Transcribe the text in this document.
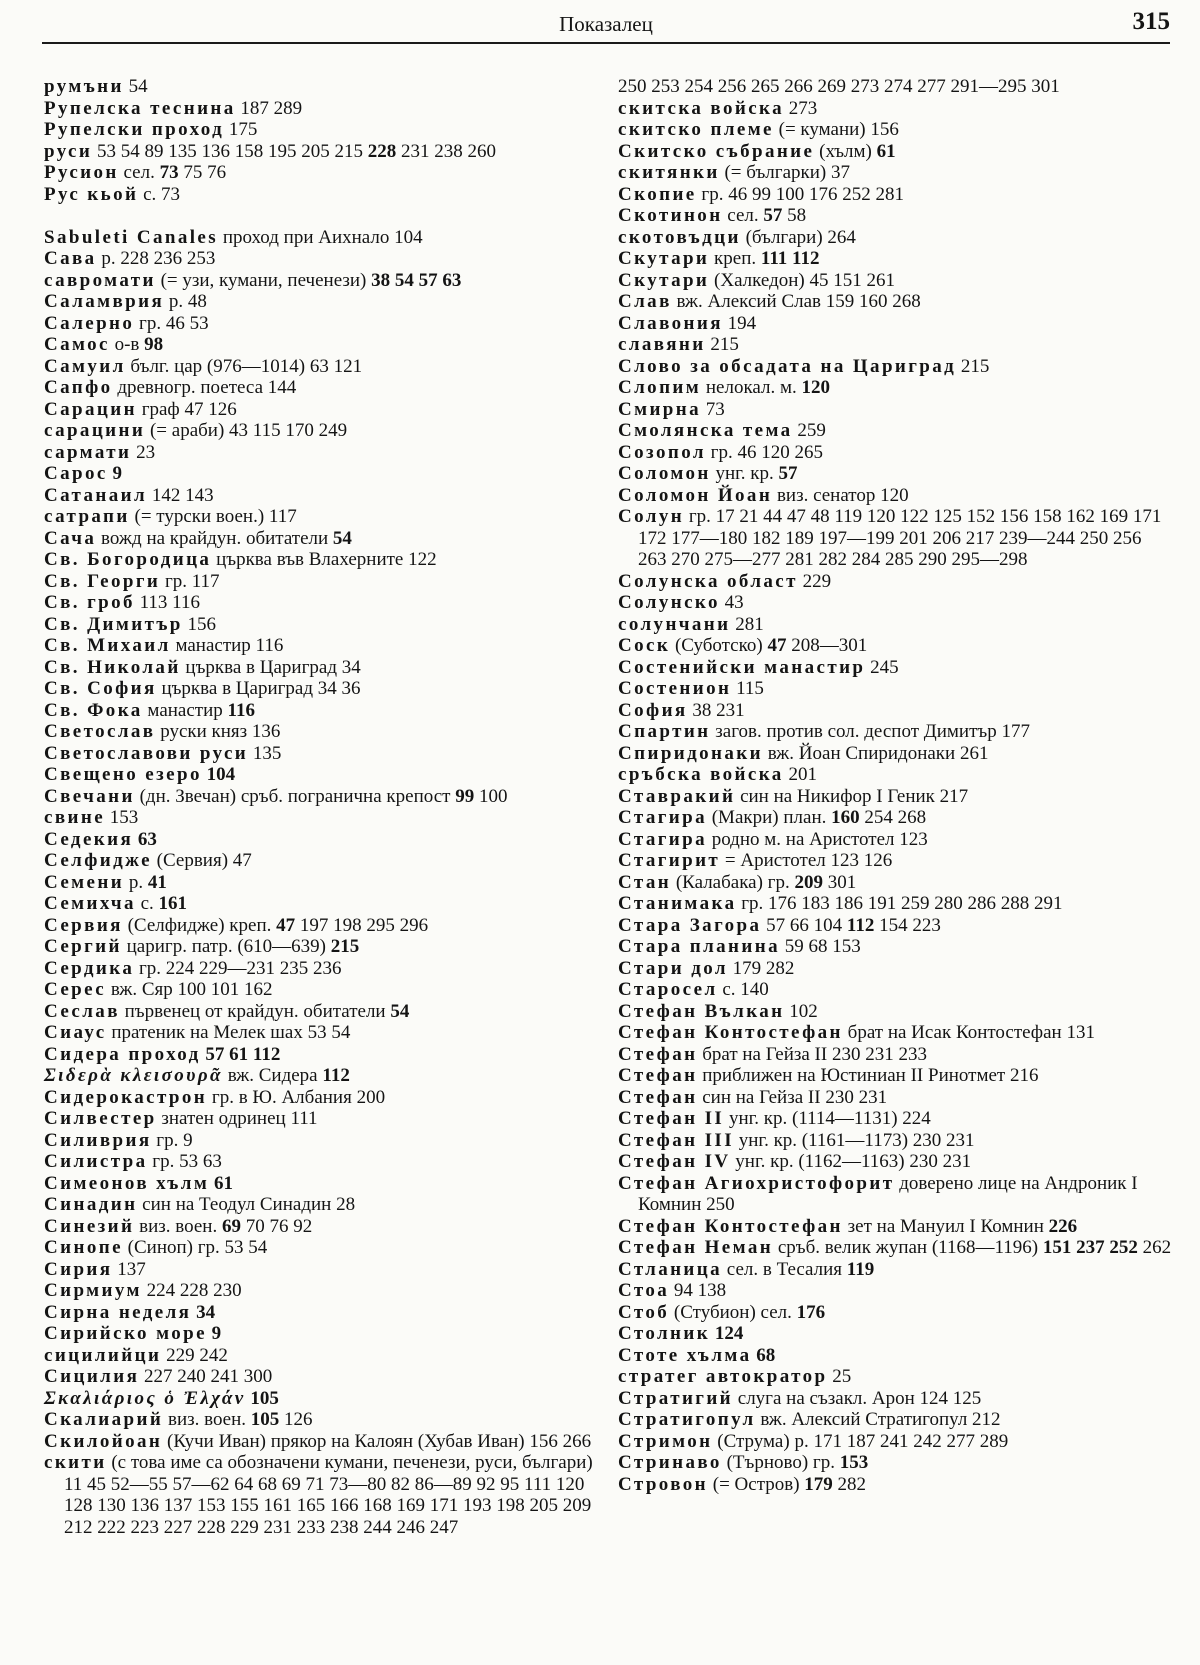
Показалец	315
румъни 54
Рупелска теснина 187 289
Рупелски проход 175
руси 53 54 89 135 136 158 195 205 215 228 231 238 260
Русион сел. 73 75 76
Рус кьой с. 73
Sabuleti Canales проход при Аихнало 104
Сава р. 228 236 253
савромати (= узи, кумани, печенези) 38 54 57 63
Саламврия р. 48
Салерно гр. 46 53
Самос о-в 98
Самуил бълг. цар (976—1014) 63 121
Сапфо древногр. поетеса 144
Сарацин граф 47 126
сарацини (= араби) 43 115 170 249
сармати 23
Сарос 9
Сатанаил 142 143
сатрапи (= турски воен.) 117
Сача вожд на крайдун. обитатели 54
Св. Богородица църква във Влахерните 122
Св. Георги гр. 117
Св. гроб 113 116
Св. Димитър 156
Св. Михаил манастир 116
Св. Николай църква в Цариград 34
Св. София църква в Цариград 34 36
Св. Фока манастир 116
Светослав руски княз 136
Светославови руси 135
Свещено езеро 104
Свечани (дн. Звечан) сръб. погранична крепост 99 100
свине 153
Седекия 63
Селфидже (Сервия) 47
Семени р. 41
Семихча с. 161
Сервия (Селфидже) креп. 47 197 198 295 296
Сергий царигр. патр. (610—639) 215
Сердика гр. 224 229—231 235 236
Серес вж. Сяр 100 101 162
Сеслав първенец от крайдун. обитатели 54
Сиаус пратеник на Мелек шах 53 54
Сидера проход 57 61 112
Σιδερὰ κλεισουρᾶ вж. Сидера 112
Сидерокастрон гр. в Ю. Албания 200
Силвестер знатен одринец 111
Силиврия гр. 9
Силистра гр. 53 63
Симеонов хълм 61
Синадин син на Теодул Синадин 28
Синезий виз. воен. 69 70 76 92
Синопе (Синоп) гр. 53 54
Сирия 137
Сирмиум 224 228 230
Сирна неделя 34
Сирийско море 9
сицилийци 229 242
Сицилия 227 240 241 300
Σκαλιάριος ὁ Ἐλχάν 105
Скалиарий виз. воен. 105 126
Скилойоан (Кучи Иван) прякор на Калоян (Хубав Иван) 156 266
скити (с това име са обозначени кумани, печенези, руси, българи) 11 45 52—55 57—62 64 68 69 71 73—80 82 86—89 92 95 111 120 128 130 136 137 153 155 161 165 166 168 169 171 193 198 205 209 212 222 223 227 228 229 231 233 238 244 246 247
250 253 254 256 265 266 269 273 274 277 291—295 301
скитска войска 273
скитско племе (= кумани) 156
Скитско събрание (хълм) 61
скитянки (= българки) 37
Скопие гр. 46 99 100 176 252 281
Скотинон сел. 57 58
скотовъдци (българи) 264
Скутари креп. 111 112
Скутари (Халкедон) 45 151 261
Слав вж. Алексий Слав 159 160 268
Славония 194
славяни 215
Слово за обсадата на Цариград 215
Слопим нелокал. м. 120
Смирна 73
Смолянска тема 259
Созопол гр. 46 120 265
Соломон унг. кр. 57
Соломон Йоан виз. сенатор 120
Солун гр. 17 21 44 47 48 119 120 122 125 152 156 158 162 169 171 172 177—180 182 189 197—199 201 206 217 239—244 250 256 263 270 275—277 281 282 284 285 290 295—298
Солунска област 229
Солунско 43
солунчани 281
Соск (Суботско) 47 208—301
Состенийски манастир 245
Состенион 115
София 38 231
Спартин загов. против сол. деспот Димитър 177
Спиридонаки вж. Йоан Спиридонаки 261
сръбска войска 201
Ставракий син на Никифор I Геник 217
Стагира (Макри) план. 160 254 268
Стагира родно м. на Аристотел 123
Стагирит = Аристотел 123 126
Стан (Калабака) гр. 209 301
Станимака гр. 176 183 186 191 259 280 286 288 291
Стара Загора 57 66 104 112 154 223
Стара планина 59 68 153
Стари дол 179 282
Старосел с. 140
Стефан Вълкан 102
Стефан Контостефан брат на Исак Контостефан 131
Стефан брат на Гейза II 230 231 233
Стефан приближен на Юстиниан II Ринотмет 216
Стефан син на Гейза II 230 231
Стефан II унг. кр. (1114—1131) 224
Стефан III унг. кр. (1161—1173) 230 231
Стефан IV унг. кр. (1162—1163) 230 231
Стефан Агиохристофорит доверено лице на Андроник I Комнин 250
Стефан Контостефан зет на Мануил I Комнин 226
Стефан Неман сръб. велик жупан (1168—1196) 151 237 252 262
Стланица сел. в Тесалия 119
Стоа 94 138
Стоб (Стубион) сел. 176
Столник 124
Стоте хълма 68
стратег автократор 25
Стратигий слуга на съзакл. Арон 124 125
Стратигопул вж. Алексий Стратигопул 212
Стримон (Струма) р. 171 187 241 242 277 289
Стринаво (Търново) гр. 153
Стровон (= Остров) 179 282
